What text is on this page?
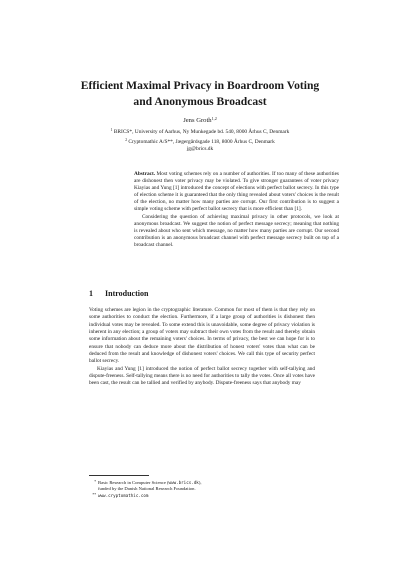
Efficient Maximal Privacy in Boardroom Voting
and Anonymous Broadcast
Jens Groth$^{1,2}$
$^1$ BRICS*, University of Aarhus, Ny Munkegade bd. 540, 8000 Århus C, Denmark
$^2$ Cryptomathic A/S**, Jægergårdsgade 118, 8000 Århus C, Denmark
jg@brics.dk

Abstract. Most voting schemes rely on a number of authorities. If too many of these authorities are dishonest then voter privacy may be violated. To give stronger guarantees of voter privacy Kiayias and Yung [1] introduced the concept of elections with perfect ballot secrecy. In this type of election scheme it is guaranteed that the only thing revealed about voters' choices is the result of the election, no matter how many parties are corrupt. Our first contribution is to suggest a simple voting scheme with perfect ballot secrecy that is more efficient than [1].

Considering the question of achieving maximal privacy in other protocols, we look at anonymous broadcast. We suggest the notion of perfect message secrecy; meaning that nothing is revealed about who sent which message, no matter how many parties are corrupt. Our second contribution is an anonymous broadcast channel with perfect message secrecy built on top of a broadcast channel.

1 Introduction

Voting schemes are legion in the cryptographic literature. Common for most of them is that they rely on some authorities to conduct the election. Furthermore, if a large group of authorities is dishonest then individual votes may be revealed. To some extend this is unavoidable, some degree of privacy violation is inherent in any election; a group of voters may subtract their own votes from the result and thereby obtain some information about the remaining voters' choices. In terms of privacy, the best we can hope for is to ensure that nobody can deduce more about the distribution of honest voters' votes than what can be deduced from the result and knowledge of dishonest voters' choices. We call this type of security perfect ballot secrecy.

Kiayias and Yung [1] introduced the notion of perfect ballot secrecy together with self-tallying and dispute-freeness. Self-tallying means there is no need for authorities to tally the votes. Once all votes have been cast, the result can be tallied and verified by anybody. Dispute-freeness says that anybody may

* Basic Research in Computer Science (www.brics.dk),
funded by the Danish National Research Foundation.
** www.cryptomathic.com
